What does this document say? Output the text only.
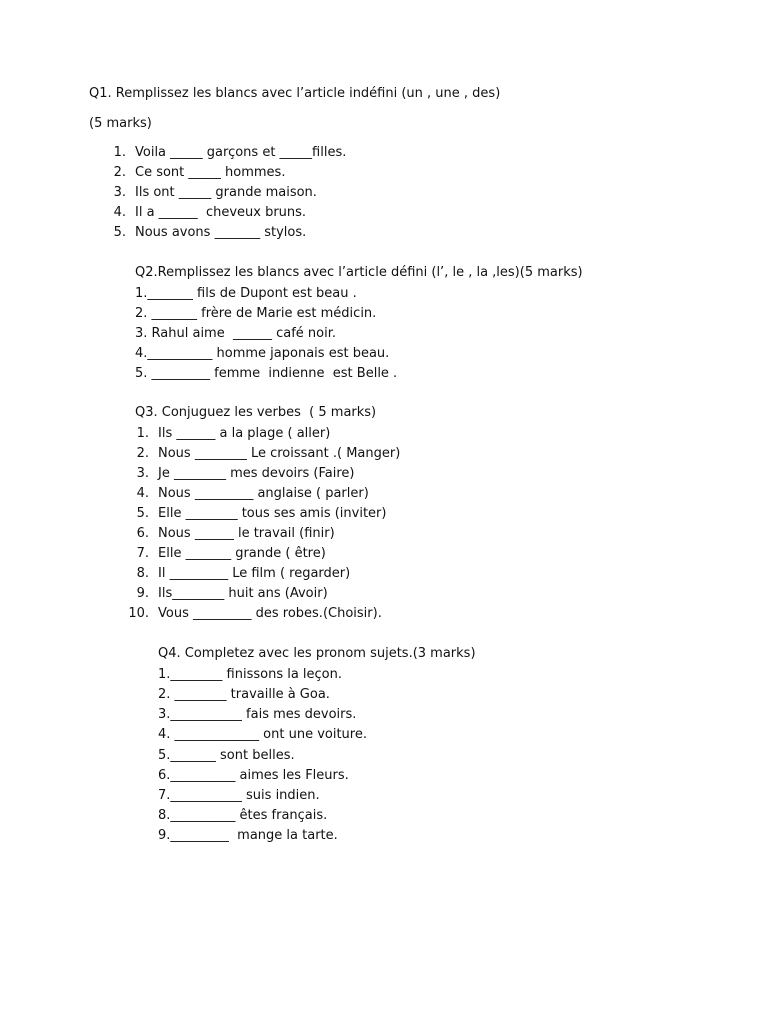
Q1. Remplissez les blancs avec l’article indéfini (un , une , des)
(5 marks)
1. Voila _____ garçons et _____filles.
2. Ce sont _____ hommes.
3. Ils ont _____ grande maison.
4. Il a ______  cheveux bruns.
5. Nous avons _______ stylos.
Q2.Remplissez les blancs avec l’article défini (l’, le , la ,les)(5 marks)
1._______ fils de Dupont est beau .
2. _______ frère de Marie est médicin.
3. Rahul aime  ______ café noir.
4.__________ homme japonais est beau.
5. _________ femme  indienne  est Belle .
Q3. Conjuguez les verbes  ( 5 marks)
1. Ils ______ a la plage ( aller)
2. Nous ________ Le croissant .( Manger)
3. Je ________ mes devoirs (Faire)
4. Nous _________ anglaise ( parler)
5. Elle ________ tous ses amis (inviter)
6. Nous ______ le travail (finir)
7. Elle _______ grande ( être)
8. Il _________ Le film ( regarder)
9. Ils________ huit ans (Avoir)
10. Vous _________ des robes.(Choisir).
Q4. Completez avec les pronom sujets.(3 marks)
1.________ finissons la leçon.
2. ________ travaille à Goa.
3.___________ fais mes devoirs.
4. _____________ ont une voiture.
5._______ sont belles.
6.__________ aimes les Fleurs.
7.___________ suis indien.
8.__________ êtes français.
9._________  mange la tarte.
